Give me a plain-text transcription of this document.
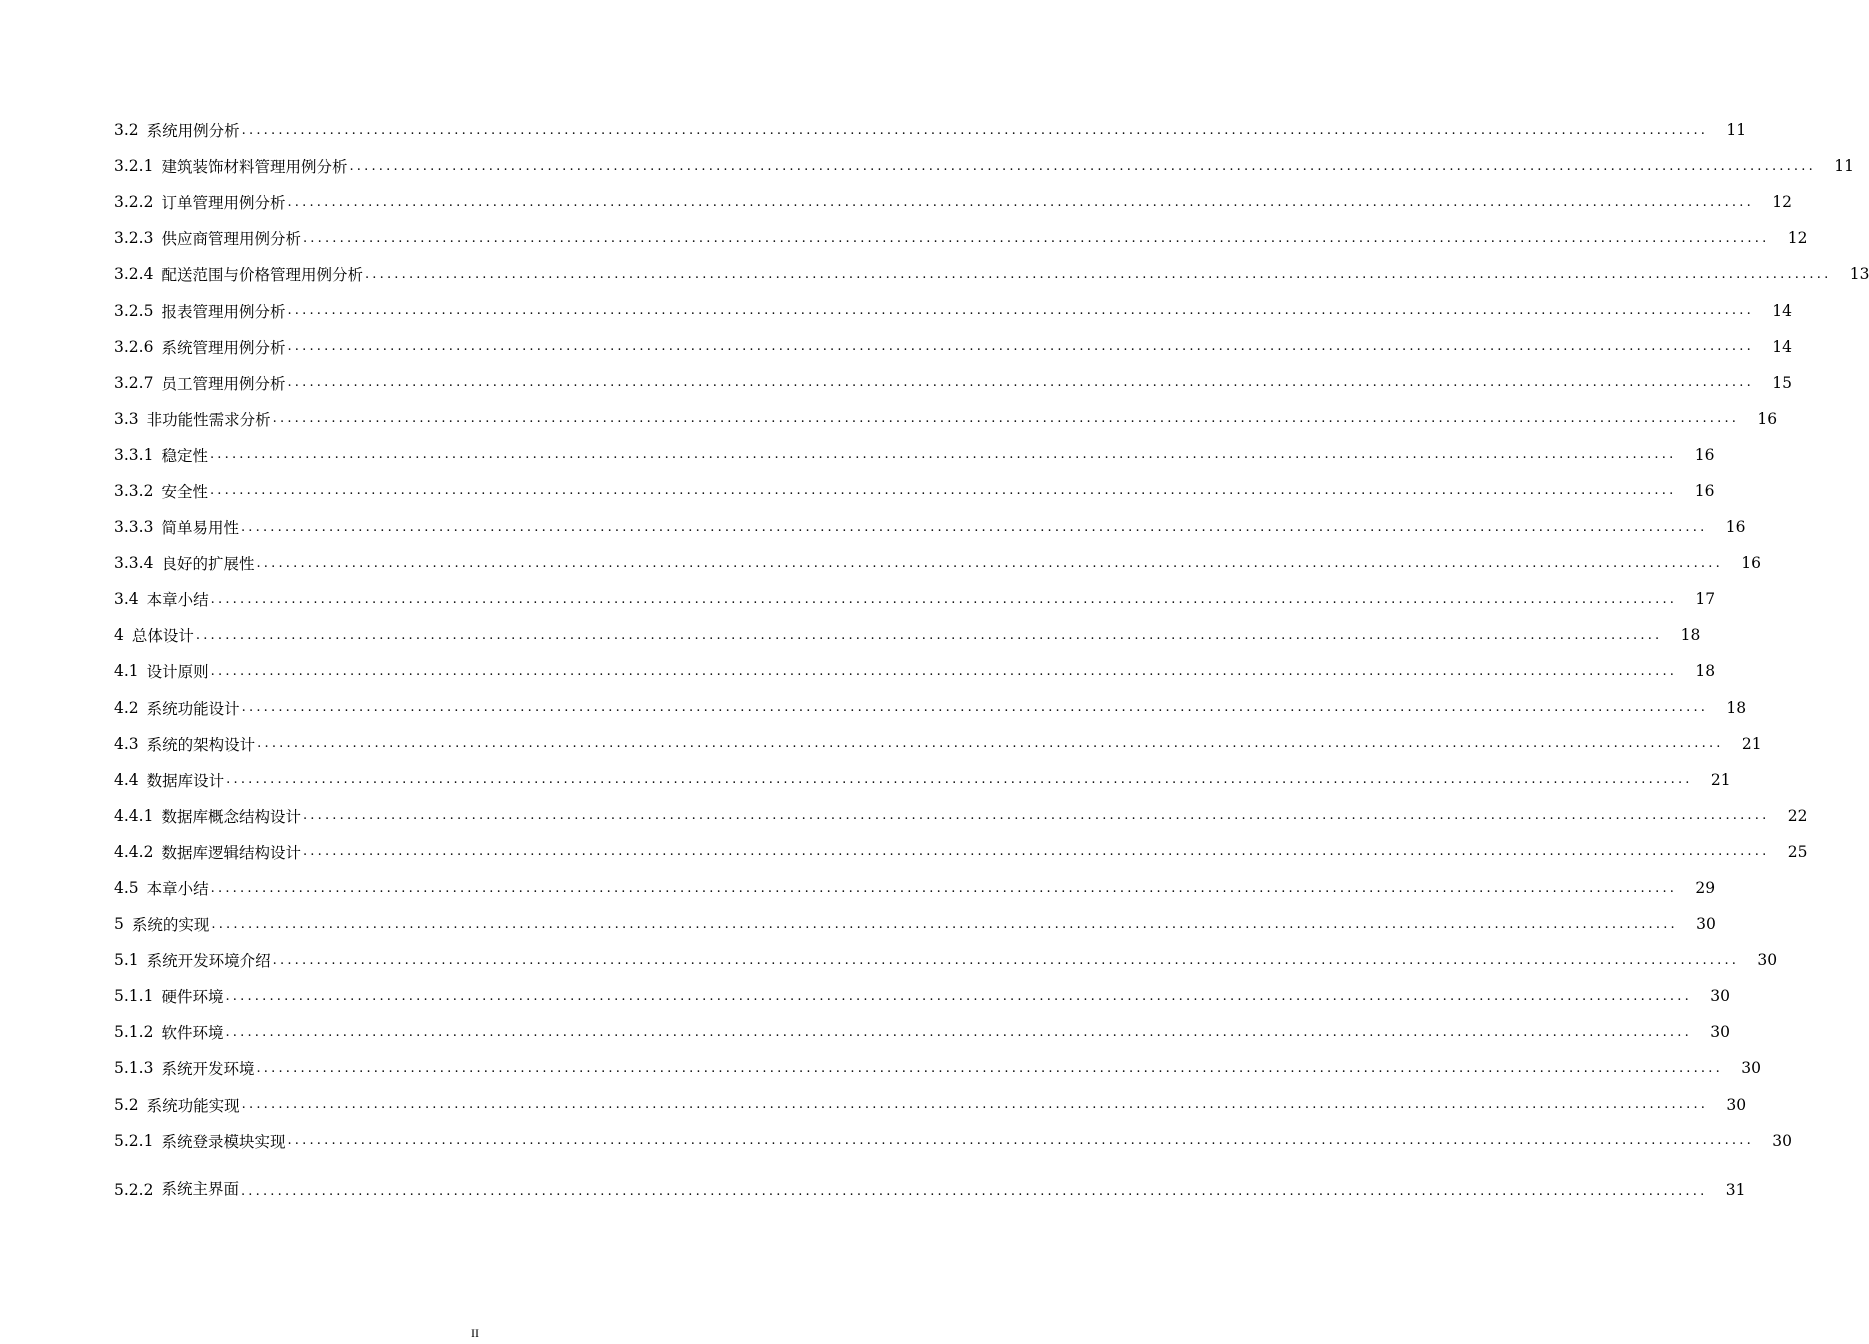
3.2 系统用例分析 ........................................................................................................................................................................................................	11
3.2.1 建筑装饰材料管理用例分析 ........................................................................................................................................................................................................	11
3.2.2 订单管理用例分析 ........................................................................................................................................................................................................	12
3.2.3 供应商管理用例分析 ........................................................................................................................................................................................................	12
3.2.4 配送范围与价格管理用例分析 ........................................................................................................................................................................................................	13
3.2.5 报表管理用例分析 ........................................................................................................................................................................................................	14
3.2.6 系统管理用例分析 ........................................................................................................................................................................................................	14
3.2.7 员工管理用例分析 ........................................................................................................................................................................................................	15
3.3 非功能性需求分析 ........................................................................................................................................................................................................	16
3.3.1 稳定性 ........................................................................................................................................................................................................	16
3.3.2 安全性 ........................................................................................................................................................................................................	16
3.3.3 简单易用性 ........................................................................................................................................................................................................	16
3.3.4 良好的扩展性 ........................................................................................................................................................................................................	16
3.4 本章小结 ........................................................................................................................................................................................................	17
4 总体设计 ........................................................................................................................................................................................................	18
4.1 设计原则 ........................................................................................................................................................................................................	18
4.2 系统功能设计 ........................................................................................................................................................................................................	18
4.3 系统的架构设计 ........................................................................................................................................................................................................	21
4.4 数据库设计 ........................................................................................................................................................................................................	21
4.4.1 数据库概念结构设计 ........................................................................................................................................................................................................	22
4.4.2 数据库逻辑结构设计 ........................................................................................................................................................................................................	25
4.5 本章小结 ........................................................................................................................................................................................................	29
5 系统的实现 ........................................................................................................................................................................................................	30
5.1 系统开发环境介绍 ........................................................................................................................................................................................................	30
5.1.1 硬件环境 ........................................................................................................................................................................................................	30
5.1.2 软件环境 ........................................................................................................................................................................................................	30
5.1.3 系统开发环境 ........................................................................................................................................................................................................	30
5.2 系统功能实现 ........................................................................................................................................................................................................	30
5.2.1 系统登录模块实现 ........................................................................................................................................................................................................	30
5.2.2 系统主界面 ........................................................................................................................................................................................................	31
II
